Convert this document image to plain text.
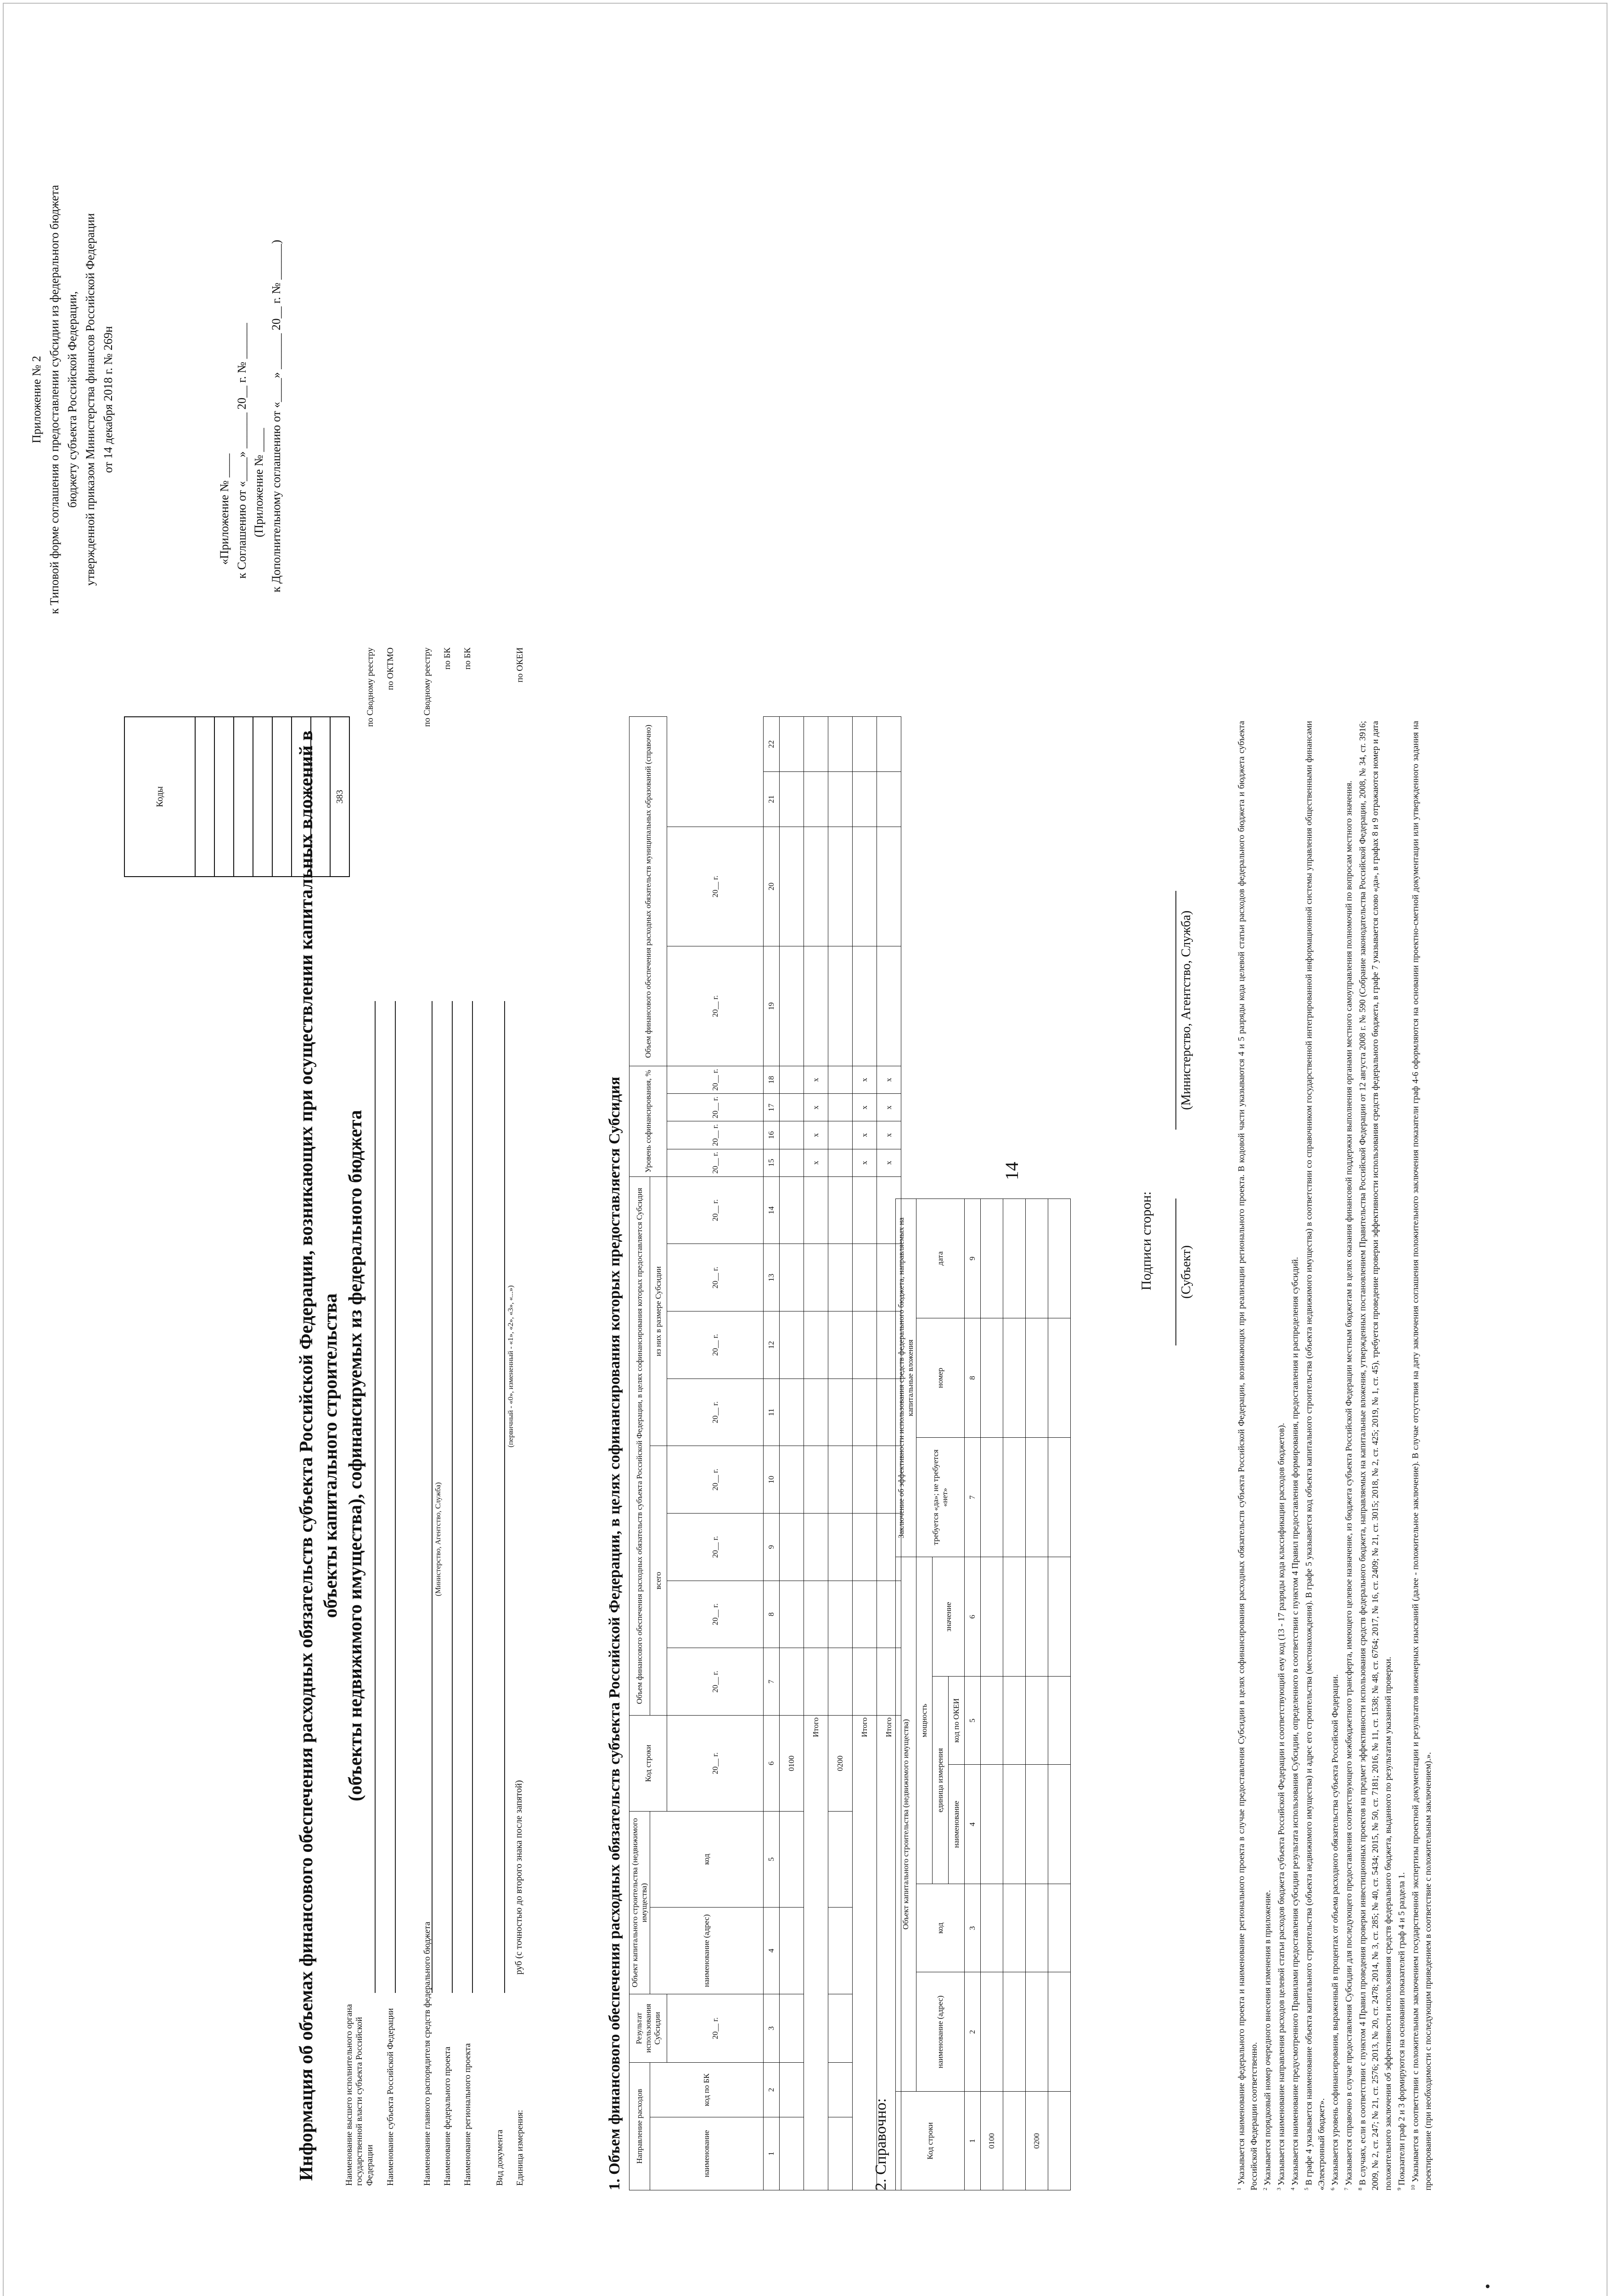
14
Приложение № 2 к Типовой форме соглашения о предоставлении субсидии из федерального бюджета бюджету субъекта Российской Федерации, утвержденной приказом Министерства финансов Российской Федерации от 14 декабря 2018 г. № 269н
«Приложение № ____ к Соглашению от «____» ______ 20__ г. № ______ (Приложение № ____ к Дополнительному соглашению от «____» ______ 20__ г. № ______)
Информация об объемах финансового обеспечения расходных обязательств субъекта Российской Федерации, возникающих при осуществлении капитальных вложений в объекты капитального строительства (объекты недвижимого имущества), софинансируемых из федерального бюджета
Коды

383
Наименование высшего исполнительного органа государственной власти субъекта Российской Федерации
по Сводному реестру
Наименование субъекта Российской Федерации
по ОКТМО
Наименование главного распорядителя средств федерального бюджета
(Министерство, Агентство, Служба)
по Сводному реестру
Наименование федерального проекта
по БК
Наименование регионального проекта
по БК
Вид документа
(первичный - «0», измененный - «1», «2», «3», «...»)
Единица измерения:
руб (с точностью до второго знака после запятой)
по ОКЕИ
1. Объем финансового обеспечения расходных обязательств субъекта Российской Федерации, в целях софинансирования которых предоставляется Субсидия Направление расходов		Результат использования Субсидии	Объект капитального строительства (недвижимого имущества)		Код строки	Объем финансового обеспечения расходных обязательств субъекта Российской Федерации, в целях софинансирования которых предоставляется Субсидия								Уровень софинансирования, %				Объем финансового обеспечения расходных обязательств муниципальных образований (справочно)			
наименование	код по БК		наименование (адрес)	код		всего				из них в размере Субсидии											
		20__ г.			20__ г.	20__ г.	20__ г.	20__ г.	20__ г.	20__ г.	20__ г.	20__ г.	20__ г.	20__ г.	20__ г.	20__ г.	20__ г.	20__ г.	20__ г.		
1	2	3	4	5	6	7	8	9	10	11	12	13	14	15	16	17	18	19	20	21	22
					0100																
Итого														x	x	x	x				
					0200																
Итого														x	x	x	x				
Итого														x	x	x	x				
2. Справочно:	Код строки	Объект капитального строительства (недвижимого имущества)					Заключение об эффективности использования средств федерального бюджета, направляемых на капитальные вложения		
	наименование (адрес)	код	мощность			требуется «да»; не требуется «нет»	номер	дата
			единица измерения		значение			
			наименование	код по ОКЕИ				
1	2	3	4	5	6	7	8	9
0100								

0200								

Подписи сторон: (Субъект)
(Министерство, Агентство, Служба)

$^1$ Указывается наименование федерального проекта и наименование регионального проекта в случае предоставления Субсидии в целях софинансирования расходных обязательств субъекта Российской Федерации, возникающих при реализации регионального проекта. В кодовой части указываются 4 и 5 разряды кода целевой статьи расходов федерального бюджета и бюджета субъекта Российской Федерации соответственно. $^2$ Указывается порядковый номер очередного внесения изменения в приложение.

$^3$ Указывается наименование направления расходов целевой статьи расходов бюджета субъекта Российской Федерации и соответствующий ему код (13 - 17 разряды кода классификации расходов бюджетов).

$^4$ Указывается наименование предусмотренного Правилами предоставления субсидии результата использования Субсидии, определенного в соответствии с пунктом 4 Правил предоставления формирования, предоставления и распределения субсидий.

$^5$ В графе 4 указывается наименование объекта капитального строительства (объекта недвижимого имущества) и адрес его строительства (местонахождения). В графе 5 указывается код объекта капитального строительства (объекта недвижимого имущества) в соответствии со справочником государственной интегрированной информационной системы управления общественными финансами «Электронный бюджет». $^6$ Указывается уровень софинансирования, выраженный в процентах от объема расходного обязательства субъекта Российской Федерации.

$^7$ Указывается справочно в случае предоставления Субсидии для последующего предоставления соответствующего межбюджетного трансферта, имеющего целевое назначение, из бюджета субъекта Российской Федерации местным бюджетам в целях оказания финансовой поддержки выполнения органами местного самоуправления полномочий по вопросам местного значения.

$^8$ В случаях, если в соответствии с пунктом 4 Правил проведения проверки инвестиционных проектов на предмет эффективности использования средств федерального бюджета, направляемых на капитальные вложения, утвержденных постановлением Правительства Российской Федерации от 12 августа 2008 г. № 590 (Собрание законодательства Российской Федерации, 2008, № 34, ст. 3916; 2009, № 2, ст. 247; № 21, ст. 2576; 2013, № 20, ст. 2478; 2014, № 3, ст. 285; № 40, ст. 5434; 2015, № 50, ст. 7181; 2016, № 11, ст. 1538; № 48, ст. 6764; 2017, № 16, ст. 2409; № 21, ст. 3015; 2018, № 2, ст. 425; 2019, № 1, ст. 45), требуется проведение проверки эффективности использования средств федерального бюджета, в графе 7 указывается слово «да», в графах 8 и 9 отражаются номер и дата положительного заключения об эффективности использования средств федерального бюджета, выданного по результатам указанной проверки. $^9$ Показатели граф 2 и 3 формируются на основании показателей граф 4 и 5 раздела 1.

$^{10}$ Указывается в соответствии с положительным заключением государственной экспертизы проектной документации и результатов инженерных изысканий (далее - положительное заключение). В случае отсутствия на дату заключения соглашения положительного заключения показатели граф 4-6 оформляются на основании проектно-сметной документации или утвержденного задания на проектирование (при необходимости с последующим приведением в соответствие с положительным заключением).».
